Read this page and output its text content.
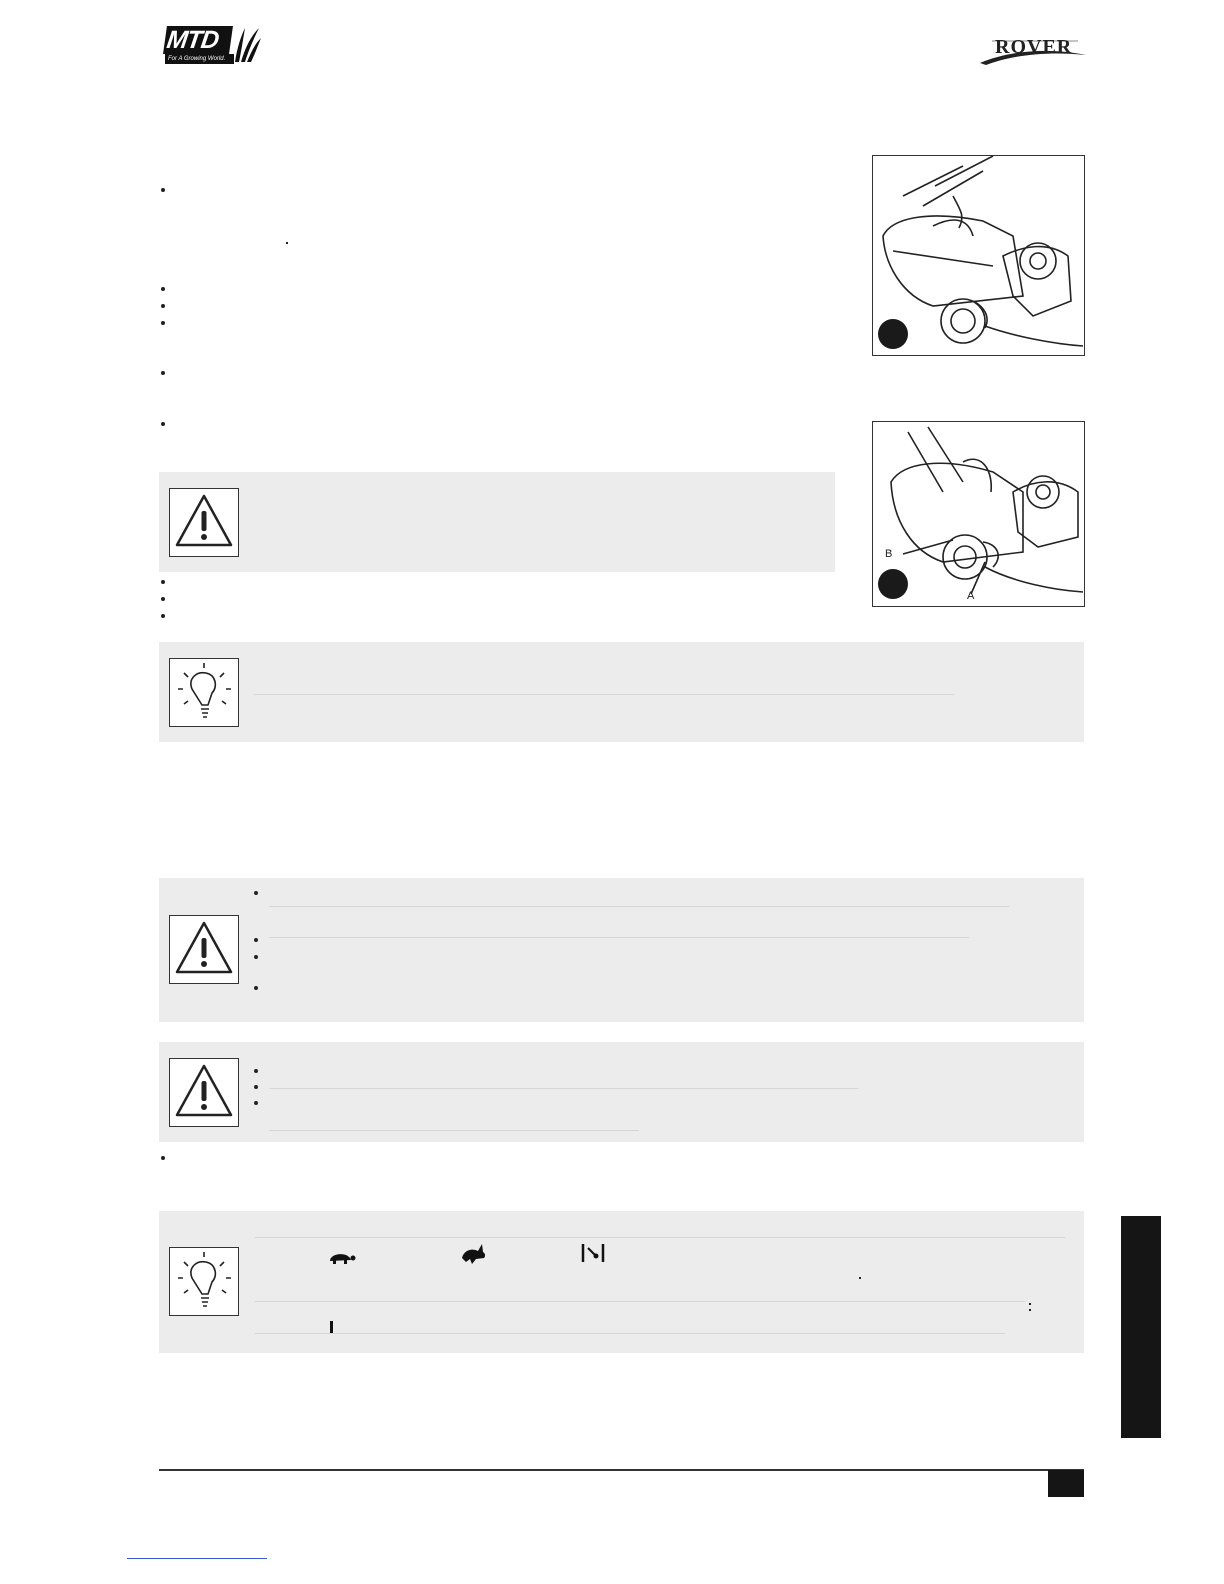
MTD
For A Growing World.
ROVER
B
A
